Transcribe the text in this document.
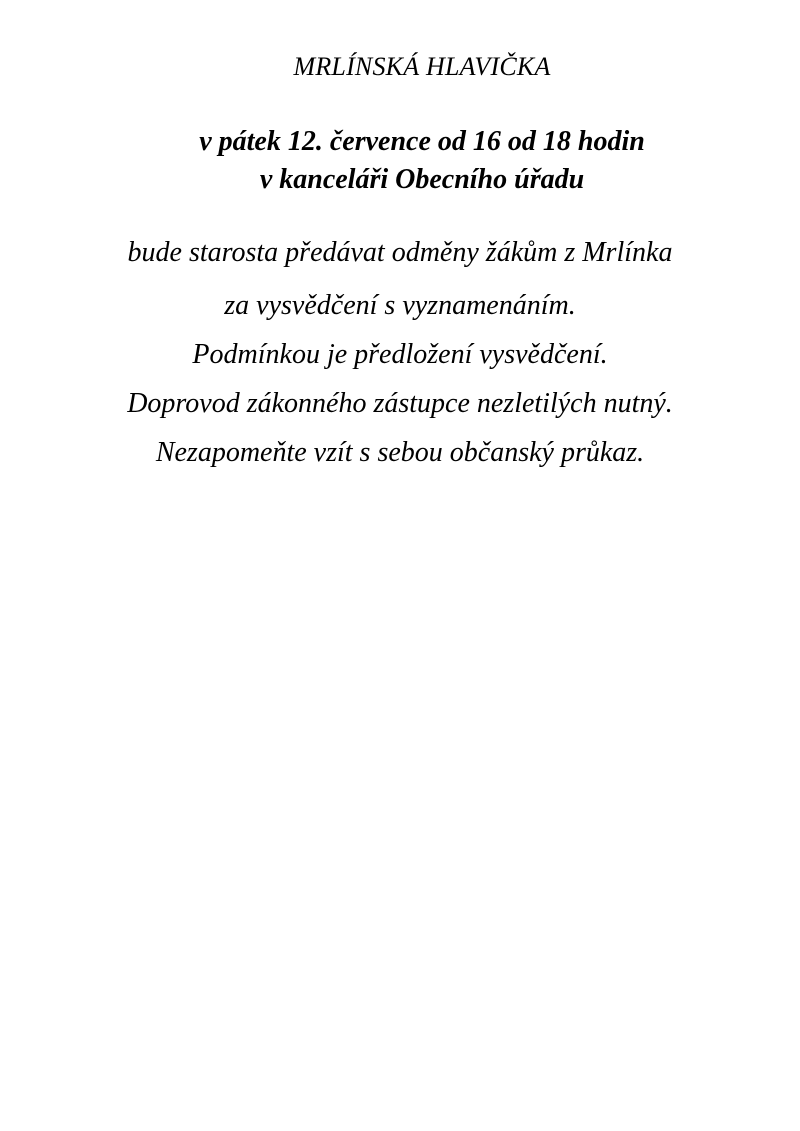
MRLÍNSKÁ HLAVIČKA
v pátek 12. července od 16 od 18 hodin
v kanceláři Obecního úřadu
bude starosta předávat odměny žákům z Mrlínka
za vysvědčení s vyznamenáním.
Podmínkou je předložení vysvědčení.
Doprovod zákonného zástupce nezletilých nutný.
Nezapomeňte vzít s sebou občanský průkaz.
